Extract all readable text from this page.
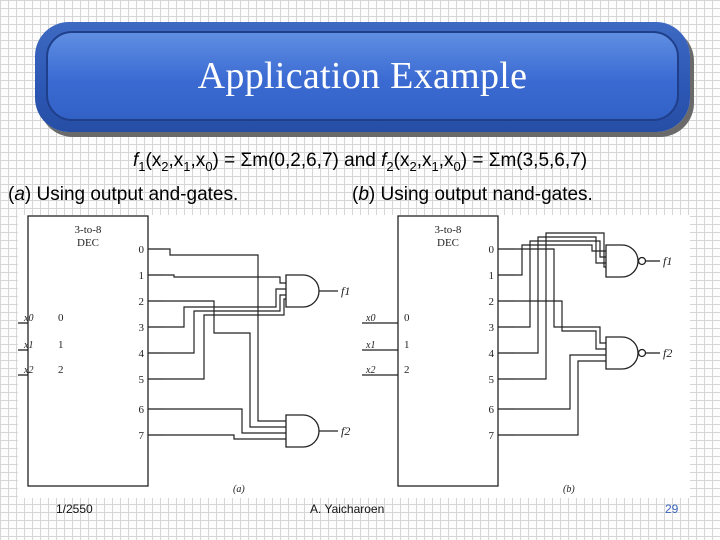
Application Example
$f_1(x_2,x_1,x_0) = \Sigma m(0,2,6,7)$ and $f_2(x_2,x_1,x_0) = \Sigma m(3,5,6,7)$
(a) Using output and-gates.	(b) Using output nand-gates.
3-to-8
DEC
x0
x1
x2
0
1
2
0
1
2
3
4
5
6
7
f1
f2
(a)
3-to-8
DEC
x0
x1
x2
0
1
2
0
1
2
3
4
5
6
7
f1
f2
(b)
1/2550	A. Yaicharoen	29
